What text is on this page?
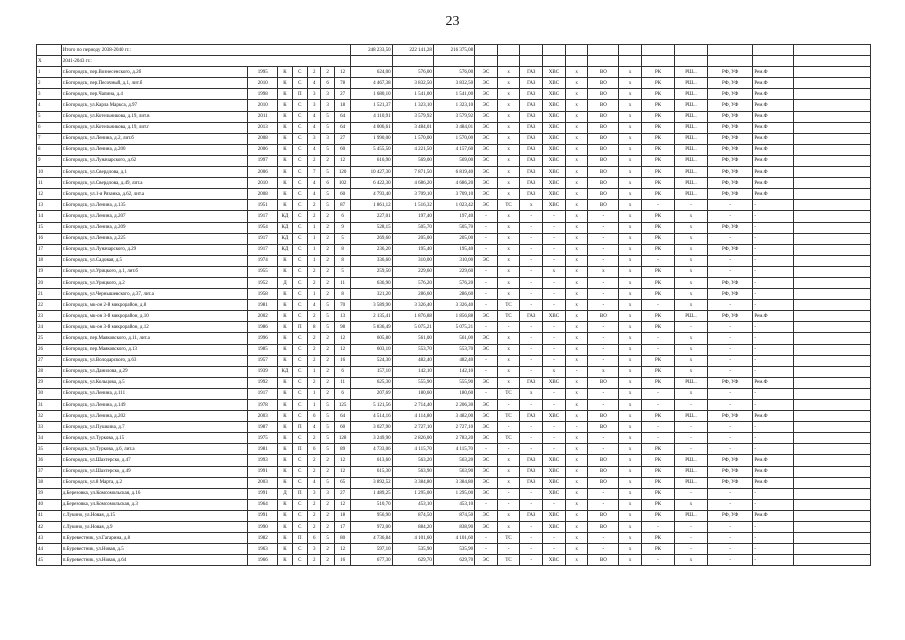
23
	Итого по периоду 2038-2040 гг.:							248 233,50	222 141,28	216 375,08												
X	2041-2043 гг.:																					
1	г.Богородск, пер.Вознесенского, д.2б	1995	К	С	2	2	12	624,00	576,00	576,00	ЭС	х	ГАЗ	ХВС	х	ВО	х	РК	РШ...	РФ, УФ	Рем.Ф	
2	г.Богородск, пер.Песочный, д.1, лит.б	2010	К	С	4	6	78	4 467,38	3 832,50	3 832,50	ЭС	х	ГАЗ	ХВС	х	ВО	х	РК	РШ...	РФ, УФ	Рем.Ф	
3	г.Богородск, пер.Чапина, д.4	1998	К	П	3	3	27	1 680,10	1 541,00	1 541,00	ЭС	х	ГАЗ	ХВС	х	ВО	х	РК	РШ...	РФ, УФ	Рем.Ф	
4	г.Богородск, ул.Карла Маркса, д.97	2010	К	С	3	3	18	1 521,37	1 323,10	1 323,10	ЭС	х	ГАЗ	ХВС	х	ВО	х	РК	РШ...	РФ, УФ	Рем.Ф	
5	г.Богородск, ул.Котельникова, д.19, лит.в	2011	К	С	4	5	64	4 110,91	3 579,92	3 579,92	ЭС	х	ГАЗ	ХВС	х	ВО	х	РК	РШ...	РФ, УФ	Рем.Ф	
6	г.Богородск, ул.Котельникова, д.19, лит.г	2013	К	С	4	5	64	4 006,61	3 484,01	3 484,01	ЭС	х	ГАЗ	ХВС	х	ВО	х	РК	РШ...	РФ, УФ	Рем.Ф	
7	г.Богородск, ул.Ленина, д.2, лит.б	2008	К	С	3	3	27	1 990,00	1 570,00	1 570,00	ЭС	х	ГАЗ	ХВС	х	ВО	х	РК	РШ...	РФ, УФ	Рем.Ф	
8	г.Богородск, ул.Ленина, д.200	2006	К	С	4	5	60	5 455,50	4 221,50	4 157,60	ЭС	х	ГАЗ	ХВС	х	ВО	х	РК	РШ...	РФ, УФ	Рем.Ф	
9	г.Богородск, ул.Луначарского, д.62	1997	К	С	2	2	12	616,90	569,00	569,00	ЭС	х	ГАЗ	ХВС	х	ВО	х	РК	РШ...	РФ, УФ	Рем.Ф	
10	г.Богородск, ул.Свердлова, д.1	2006	К	С	7	5	120	10 427,30	7 871,50	6 819,40	ЭС	х	ГАЗ	ХВС	х	ВО	х	РК	РШ...	РФ, УФ	Рем.Ф	
11	г.Богородск, ул.Свердлова, д.49, лит.а	2010	К	С	4	6	102	6 422,30	4 686,20	4 686,20	ЭС	х	ГАЗ	ХВС	х	ВО	х	РК	РШ...	РФ, УФ	Рем.Ф	
12	г.Богородск, ул.1-я Рязанка, д.62, лит.а	2008	К	С	4	5	60	4 793,40	3 709,10	3 709,10	ЭС	х	ГАЗ	ХВС	х	ВО	х	РК	РШ...	РФ, УФ	Рем.Ф	
13	г.Богородск, ул.Ленина, д.135	1951	К	С	2	5	87	1 861,12	1 516,32	1 023,42	ЭС	ТС	х	ХВС	х	ВО	х	-	-	-	-	
14	г.Богородск, ул.Ленина, д.207	1917	КД	С	2	2	6	227,01	197,40	197,40	-	х	-	-	х	-	х	РК	х	-	-	
15	г.Богородск, ул.Ленина, д.209	1954	КД	С	1	2	9	528,15	505,70	505,70	-	х	-	-	х	-	х	РК	х	РФ, УФ	-	
16	г.Богородск, ул.Ленина, д.225	1917	КД	С	1	2	5	269,60	205,00	205,00	-	х	-	-	х	-	х	РК	х	-	-	
17	г.Богородск, ул.Луначарского, д.29	1917	КД	С	1	2	8	236,20	195,40	195,40	-	х	-	-	х	-	х	РК	х	РФ, УФ	-	
18	г.Богородск, ул.Садовая, д.5	1974	К	С	1	2	8	336,60	310,00	310,00	ЭС	х	-	-	х	-	х	-	х	-	-	
19	г.Богородск, ул.Урицкого, д.1, лит.б	1955	К	С	2	2	5	259,50	229,60	229,60	-	х	-	х	х	х	х	РК	х	-	-	
20	г.Богородск, ул.Урицкого, д.2	1952	Д	С	2	2	11	636,90	576,20	576,20	-	х	-	-	х	-	х	РК	х	РФ, УФ	-	
21	г.Богородск, ул.Чернышевского, д.37, лит.а	1958	К	С	1	2	8	321,20	286,60	286,60	-	х	-	-	х	-	х	РК	х	РФ, УФ	-	
22	г.Богородск, мк-он 2-й микрорайон, д.8	1981	К	С	4	5	70	3 589,90	3 326,40	3 326,40	-	ТС	-	-	х	-	х	-	х	-	-	
23	г.Богородск, мк-он 3-й микрорайон, д.10	2002	К	С	2	5	13	2 135,41	1 876,88	1 856,88	ЭС	ТС	ГАЗ	ХВС	х	ВО	х	РК	РШ...	РФ, УФ	Рем.Ф	
24	г.Богородск, мк-он 3-й микрорайон, д.12	1986	К	П	8	5	98	5 836,49	5 075,21	5 075,21	-	-	-	-	х	-	х	РК	-	-	-	
25	г.Богородск, пер.Маяковского, д.11, лит.а	1996	К	С	2	2	12	605,80	561,00	561,00	ЭС	х	-	-	х	-	х	-	х	-	-	
26	г.Богородск, пер.Маяковского, д.13	1985	К	С	2	2	12	603,10	553,70	553,70	ЭС	х	-	-	х	-	х	-	х	-	-	
27	г.Богородск, ул.Володарского, д.63	1957	К	С	2	2	16	524,30	482,40	482,40	-	х	-	-	х	-	х	РК	х	-	-	
28	г.Богородск, ул.Данилова, д.29	1939	КД	С	1	2	6	157,10	142,10	142,10	-	х	-	х	-	х	х	РК	х	-	-	
29	г.Богородск, ул.Кольцова, д.5	1992	К	С	2	2	11	625,30	555,90	555,90	ЭС	х	ГАЗ	ХВС	х	ВО	х	РК	РШ...	РФ, УФ	Рем.Ф	
30	г.Богородск, ул.Ленина, д.111	1917	К	С	1	2	6	207,69	180,60	180,60	-	ТС	х	-	х	-	х	-	х	-	-	
31	г.Богородск, ул.Ленина, д.149	1978	К	С	1	5	125	5 121,56	2 714,40	2 206,30	ЭС	-	-	-	х	-	х	-	-	-	-	
32	г.Богородск, ул.Ленина, д.202	2003	К	С	6	5	64	4 514,16	4 114,80	3 482,00	ЭС	ТС	ГАЗ	ХВС	х	ВО	х	РК	РШ...	РФ, УФ	Рем.Ф	
33	г.Богородск, ул.Пушкина, д.7	1987	К	П	4	5	60	3 027,90	2 727,10	2 727,10	ЭС	-	-	-	-	ВО	х	-	-	-	-	
34	г.Богородск, ул.Туркова, д.15	1975	К	С	2	5	128	3 249,90	2 826,00	2 783,20	ЭС	ТС	-	-	х	-	х	-	-	-	-	
35	г.Богородск, ул.Туркова, д.6, лит.а	1981	К	П	6	5	89	4 733,06	4 115,70	4 115,70	-	-	-	-	х	-	х	РК	-	-	-	
36	г.Богородск, ул.Шахтерско, д.47	1993	К	С	2	2	12	613,60	563,20	563,20	ЭС	х	ГАЗ	ХВС	х	ВО	х	РК	РШ...	РФ, УФ	Рем.Ф	
37	г.Богородск, ул.Шахтерско, д.49	1991	К	С	2	2	12	615,30	563,90	563,90	ЭС	х	ГАЗ	ХВС	х	ВО	х	РК	РШ...	РФ, УФ	Рем.Ф	
38	г.Богородск, ул.8 Марта, д.2	2003	К	С	4	5	65	3 892,52	3 384,80	3 384,80	ЭС	х	ГАЗ	ХВС	х	ВО	х	РК	РШ...	РФ, УФ	Рем.Ф	
39	д.Березовка, ул.Комсомольская, д.16	1991	Д	П	3	3	27	1 489,25	1 295,00	1 295,00	ЭС	-	-	ХВС	х	-	х	РК	-	-	-	
40	д.Березовка, ул.Комсомольская, д.3	1964	К	С	2	2	12	510,70	453,10	453,10	-	-	-	-	х	-	х	РК	х	-	-	
41	с.Лукино, ул.Новая, д.15	1991	К	С	2	2	18	956,90	874,50	874,50	ЭС	х	ГАЗ	ХВС	х	ВО	х	РК	РШ...	РФ, УФ	Рем.Ф	
42	с.Лукино, ул.Новая, д.9	1990	К	С	2	2	17	972,00	884,20	838,90	ЭС	х	-	ХВС	х	ВО	х	-	-	-	-	
43	п.Буревестник, ул.Гагарина, д.8	1982	К	П	6	5	80	4 736,84	4 101,60	4 101,60	-	ТС	-	-	х	-	х	РК	-	-	-	
44	п.Буревестник, ул.Новая, д.5	1963	К	С	3	2	12	597,10	535,90	535,90	-	-	-	-	х	-	х	РК	-	-	-	
45	п.Буревестник, ул.Новая, д.64	1966	К	С	2	2	16	677,30	629,70	629,70	ЭС	ТС	-	ХВС	х	ВО	х	-	х	-	-	
